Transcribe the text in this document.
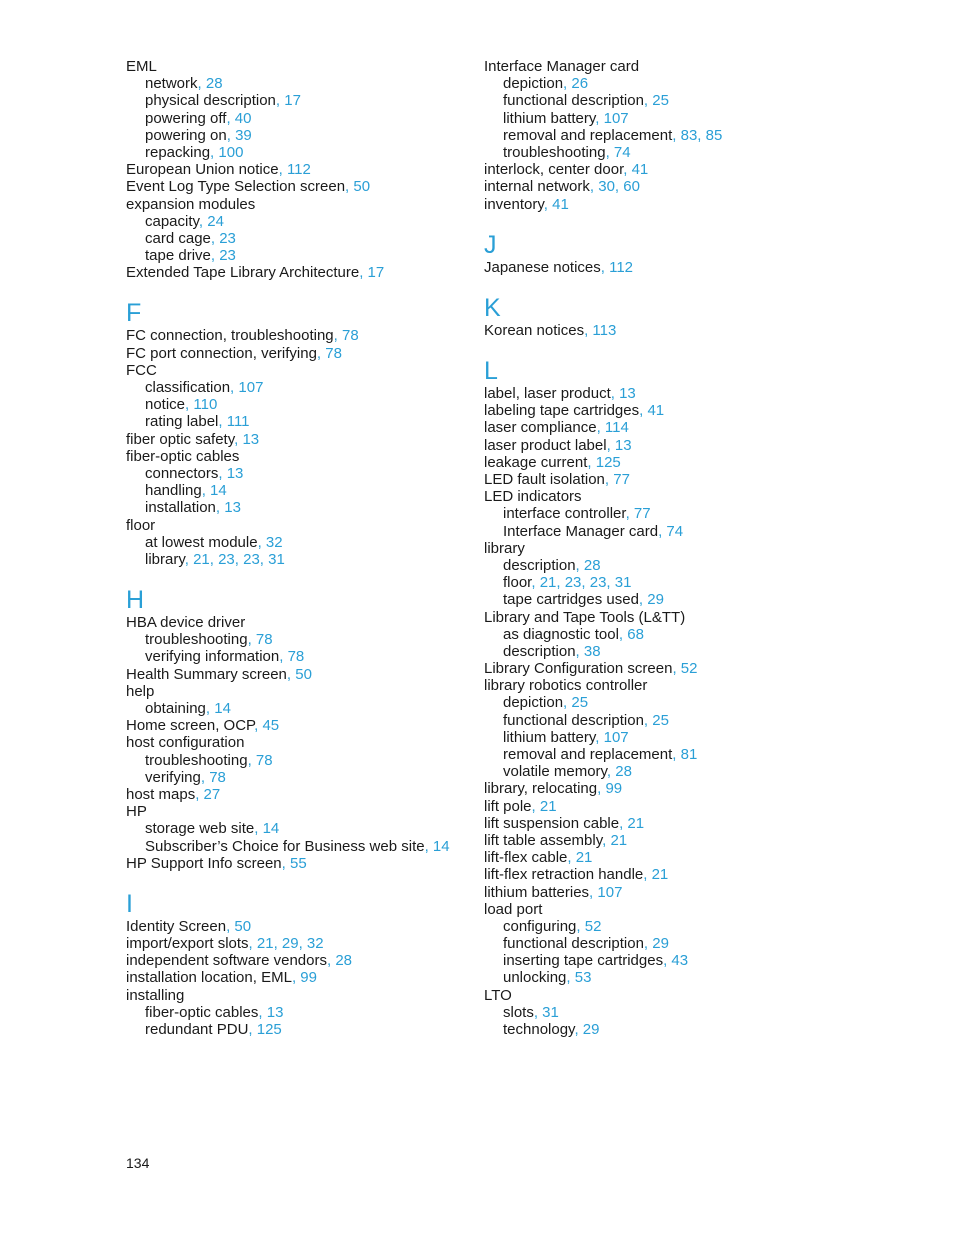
EML
network, 28
physical description, 17
powering off, 40
powering on, 39
repacking, 100
European Union notice, 112
Event Log Type Selection screen, 50
expansion modules
capacity, 24
card cage, 23
tape drive, 23
Extended Tape Library Architecture, 17
F
FC connection, troubleshooting, 78
FC port connection, verifying, 78
FCC
classification, 107
notice, 110
rating label, 111
fiber optic safety, 13
fiber-optic cables
connectors, 13
handling, 14
installation, 13
floor
at lowest module, 32
library, 21, 23, 23, 31
H
HBA device driver
troubleshooting, 78
verifying information, 78
Health Summary screen, 50
help
obtaining, 14
Home screen, OCP, 45
host configuration
troubleshooting, 78
verifying, 78
host maps, 27
HP
storage web site, 14
Subscriber’s Choice for Business web site, 14
HP Support Info screen, 55
I
Identity Screen, 50
import/export slots, 21, 29, 32
independent software vendors, 28
installation location, EML, 99
installing
fiber-optic cables, 13
redundant PDU, 125
Interface Manager card
depiction, 26
functional description, 25
lithium battery, 107
removal and replacement, 83, 85
troubleshooting, 74
interlock, center door, 41
internal network, 30, 60
inventory, 41
J
Japanese notices, 112
K
Korean notices, 113
L
label, laser product, 13
labeling tape cartridges, 41
laser compliance, 114
laser product label, 13
leakage current, 125
LED fault isolation, 77
LED indicators
interface controller, 77
Interface Manager card, 74
library
description, 28
floor, 21, 23, 23, 31
tape cartridges used, 29
Library and Tape Tools (L&TT)
as diagnostic tool, 68
description, 38
Library Configuration screen, 52
library robotics controller
depiction, 25
functional description, 25
lithium battery, 107
removal and replacement, 81
volatile memory, 28
library, relocating, 99
lift pole, 21
lift suspension cable, 21
lift table assembly, 21
lift-flex cable, 21
lift-flex retraction handle, 21
lithium batteries, 107
load port
configuring, 52
functional description, 29
inserting tape cartridges, 43
unlocking, 53
LTO
slots, 31
technology, 29
134
